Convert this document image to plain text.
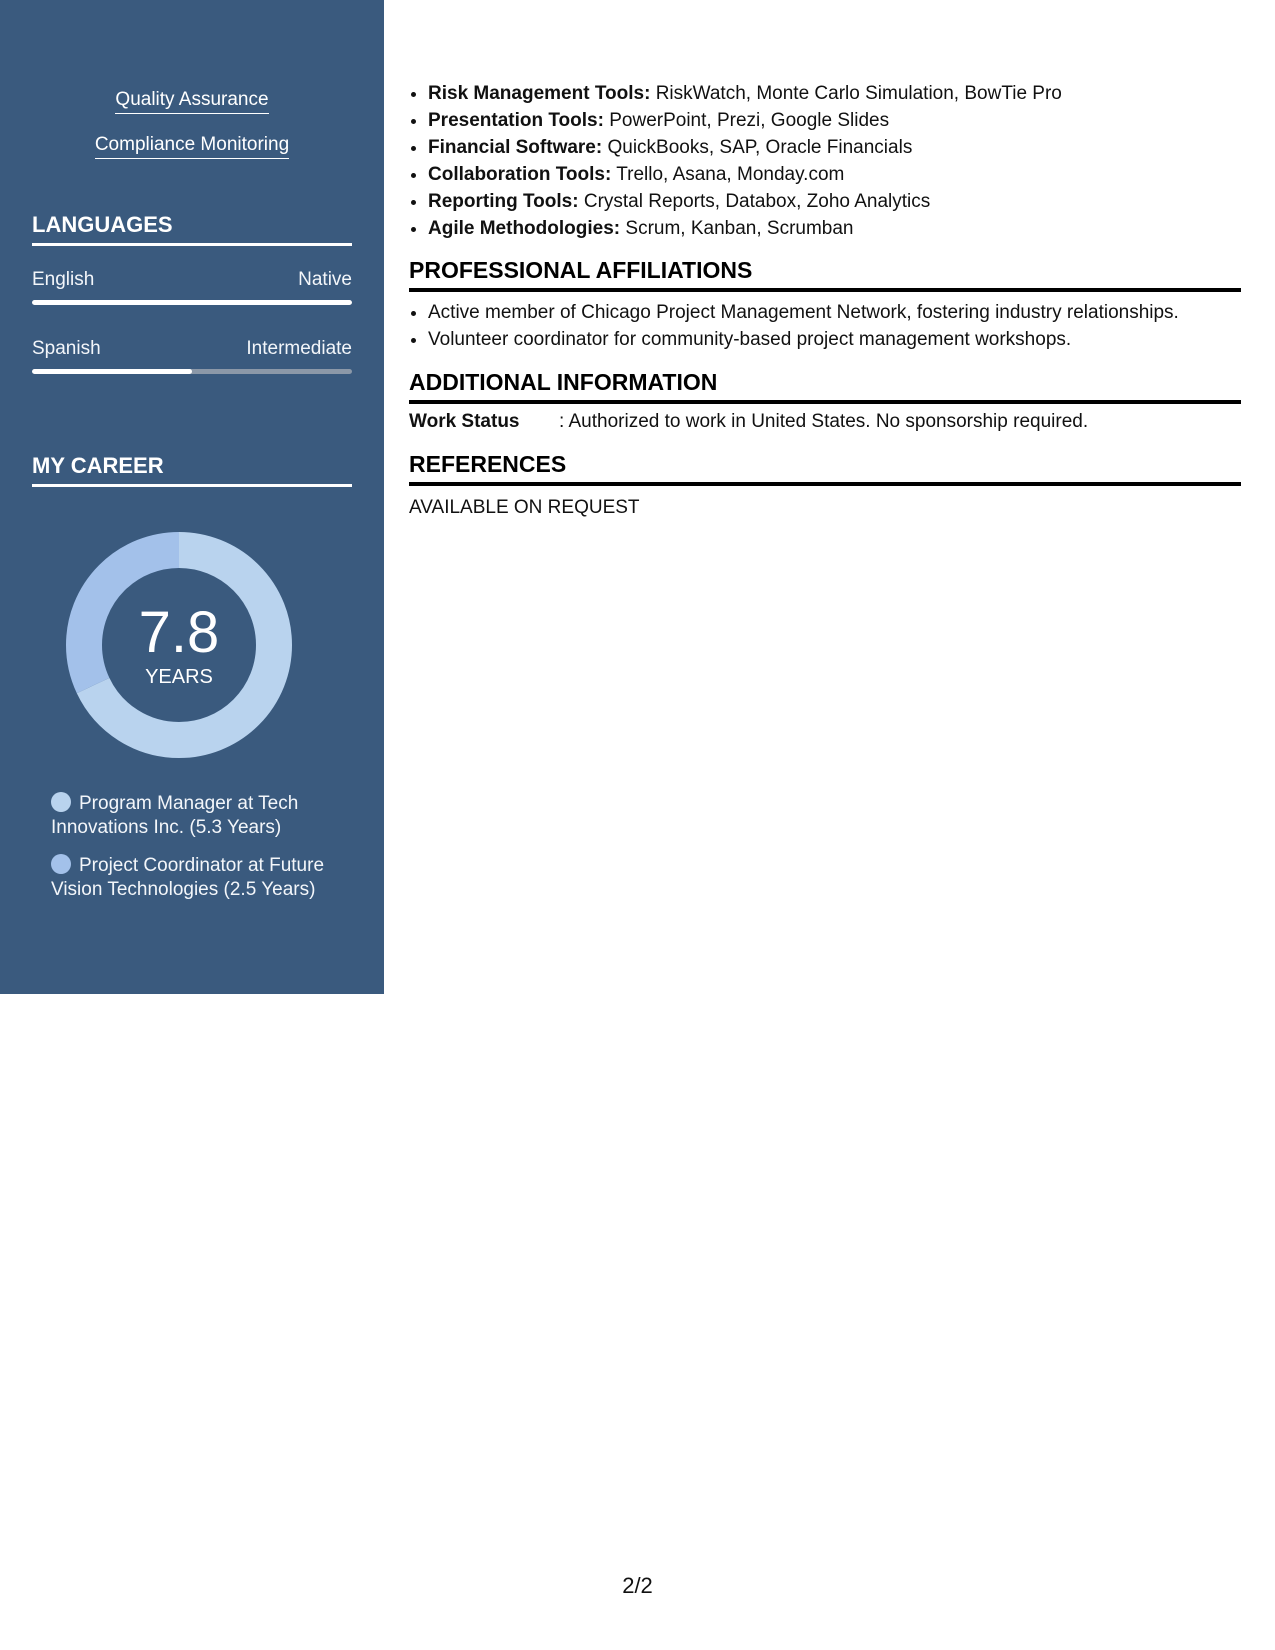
Quality Assurance
Compliance Monitoring
LANGUAGES
English	Native
Spanish	Intermediate
MY CAREER
7.8
YEARS
Program Manager at Tech Innovations Inc. (5.3 Years)
Project Coordinator at Future Vision Technologies (2.5 Years)
• Risk Management Tools: RiskWatch, Monte Carlo Simulation, BowTie Pro
• Presentation Tools: PowerPoint, Prezi, Google Slides
• Financial Software: QuickBooks, SAP, Oracle Financials
• Collaboration Tools: Trello, Asana, Monday.com
• Reporting Tools: Crystal Reports, Databox, Zoho Analytics
• Agile Methodologies: Scrum, Kanban, Scrumban
PROFESSIONAL AFFILIATIONS
• Active member of Chicago Project Management Network, fostering industry relationships.
• Volunteer coordinator for community-based project management workshops.
ADDITIONAL INFORMATION
Work Status : Authorized to work in United States. No sponsorship required.
REFERENCES
AVAILABLE ON REQUEST
2/2
